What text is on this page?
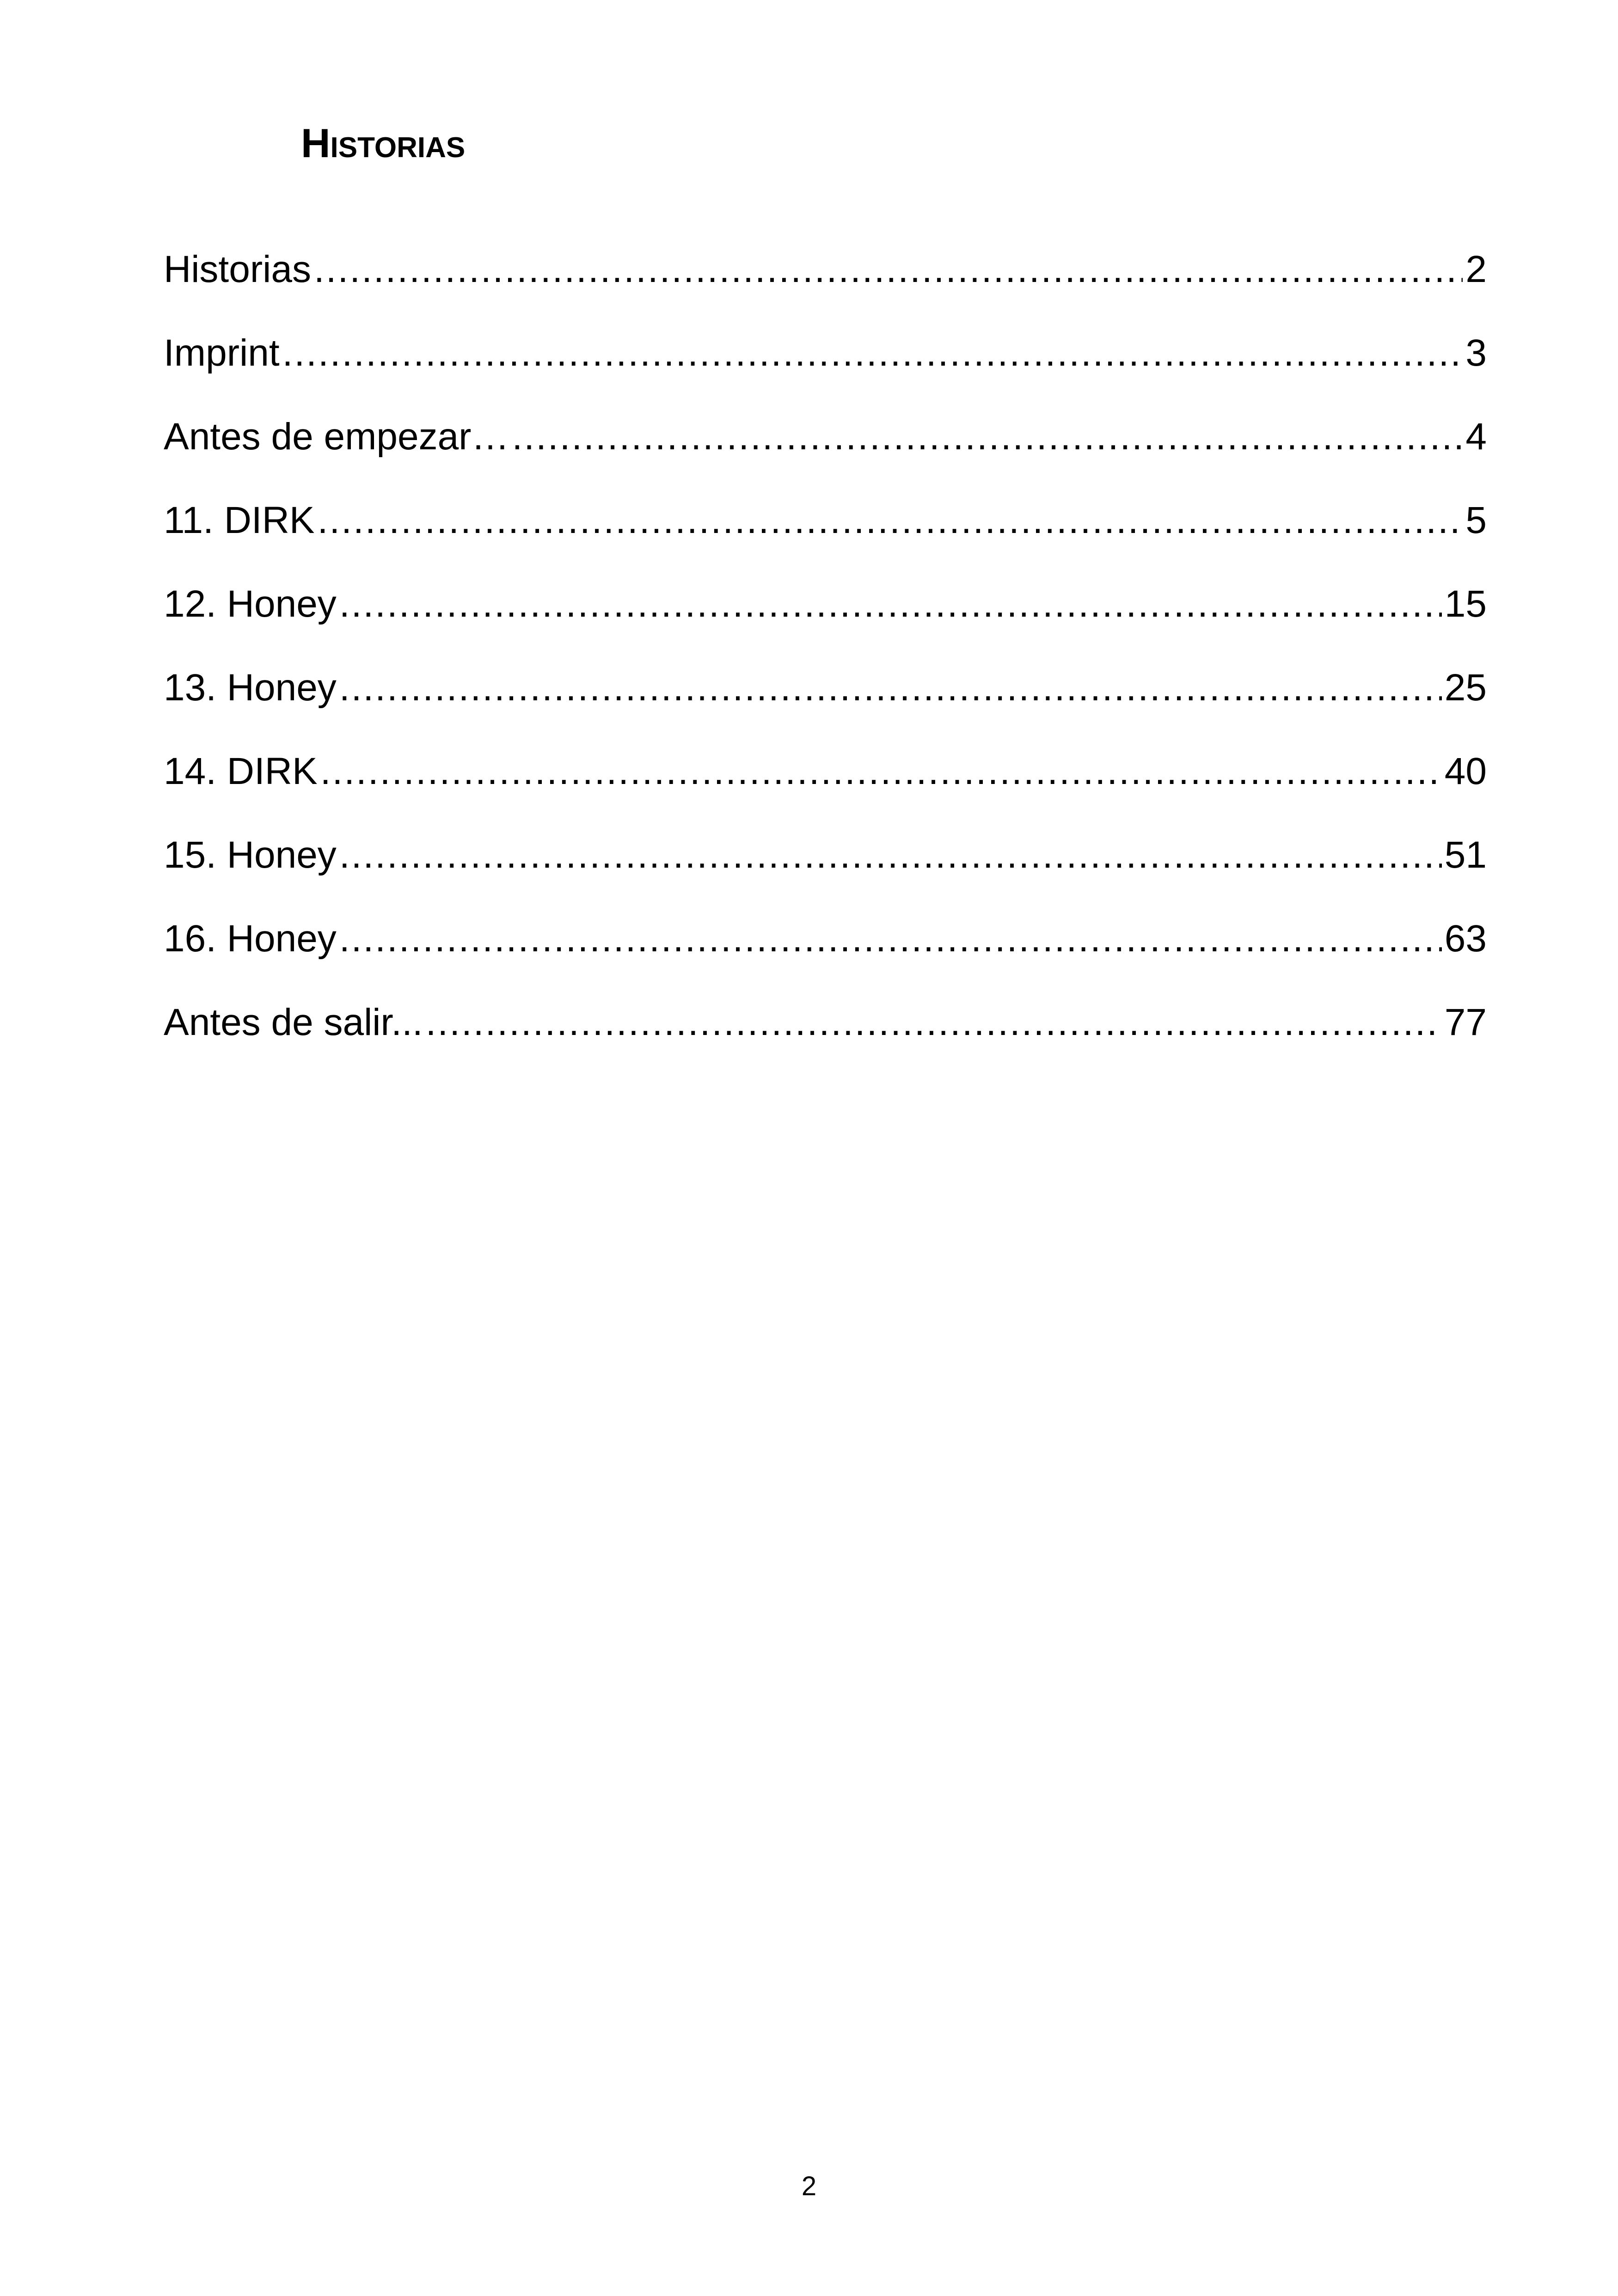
Historias
Historias .....	2
Imprint .....	3
Antes de empezar… .....	4
11. DIRK .....	5
12. Honey .....	15
13. Honey .....	25
14. DIRK .....	40
15. Honey .....	51
16. Honey .....	63
Antes de salir... .....	77
2
